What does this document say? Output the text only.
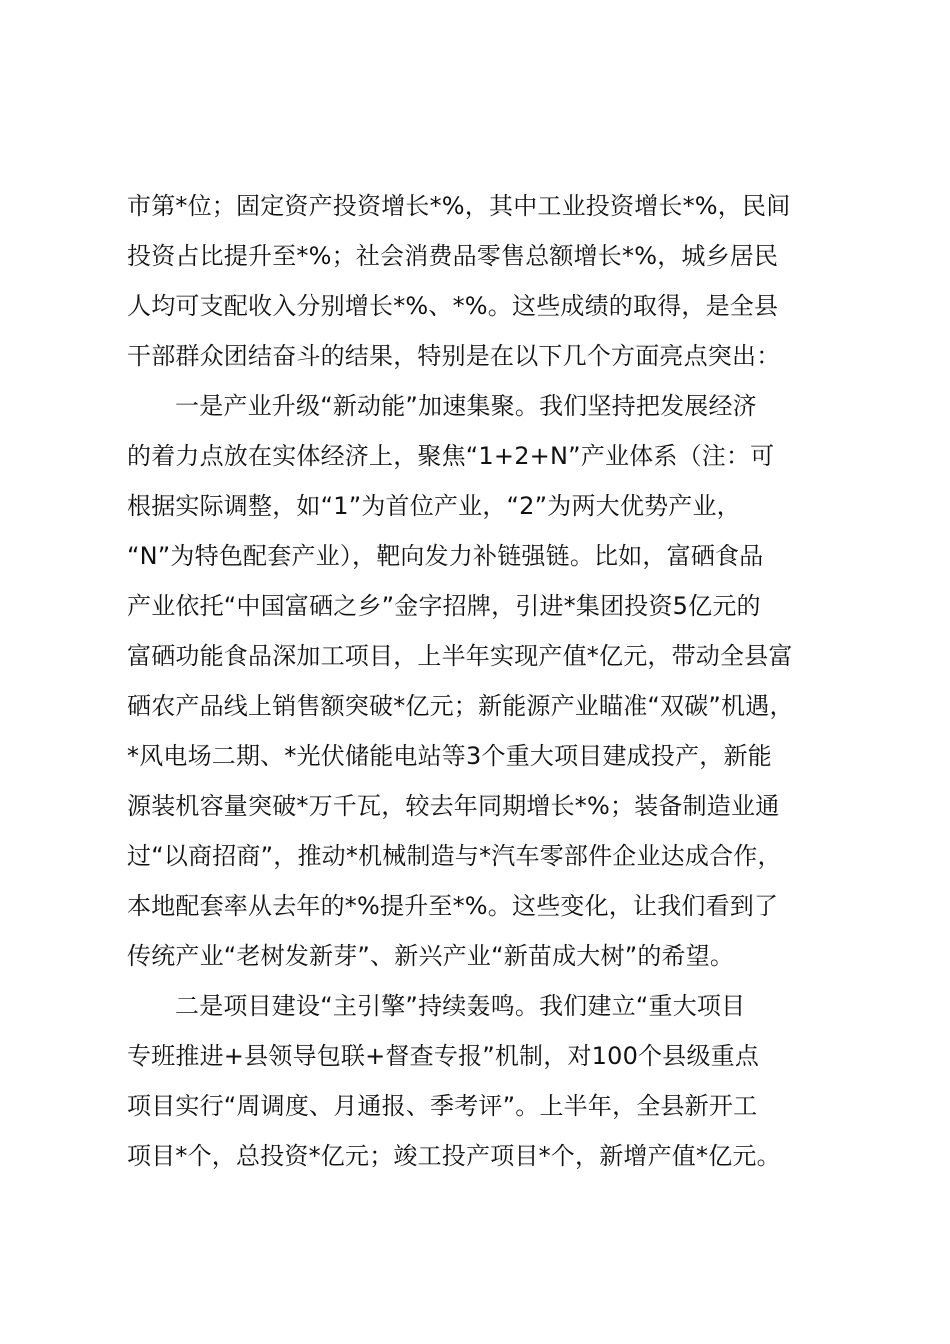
市第*位；固定资产投资增长*%，其中工业投资增长*%，民间
投资占比提升至*%；社会消费品零售总额增长*%，城乡居民
人均可支配收入分别增长*%、*%。这些成绩的取得，是全县
干部群众团结奋斗的结果，特别是在以下几个方面亮点突出：
一是产业升级“新动能”加速集聚。我们坚持把发展经济
的着力点放在实体经济上，聚焦“1+2+N”产业体系（注：可
根据实际调整，如“1”为首位产业，“2”为两大优势产业，
“N”为特色配套产业），靶向发力补链强链。比如，富硒食品
产业依托“中国富硒之乡”金字招牌，引进*集团投资5亿元的
富硒功能食品深加工项目，上半年实现产值*亿元，带动全县富
硒农产品线上销售额突破*亿元；新能源产业瞄准“双碳”机遇，
*风电场二期、*光伏储能电站等3个重大项目建成投产，新能
源装机容量突破*万千瓦，较去年同期增长*%；装备制造业通
过“以商招商”，推动*机械制造与*汽车零部件企业达成合作，
本地配套率从去年的*%提升至*%。这些变化，让我们看到了
传统产业“老树发新芽”、新兴产业“新苗成大树”的希望。
二是项目建设“主引擎”持续轰鸣。我们建立“重大项目
专班推进+县领导包联+督查专报”机制，对100个县级重点
项目实行“周调度、月通报、季考评”。上半年，全县新开工
项目*个，总投资*亿元；竣工投产项目*个，新增产值*亿元。
